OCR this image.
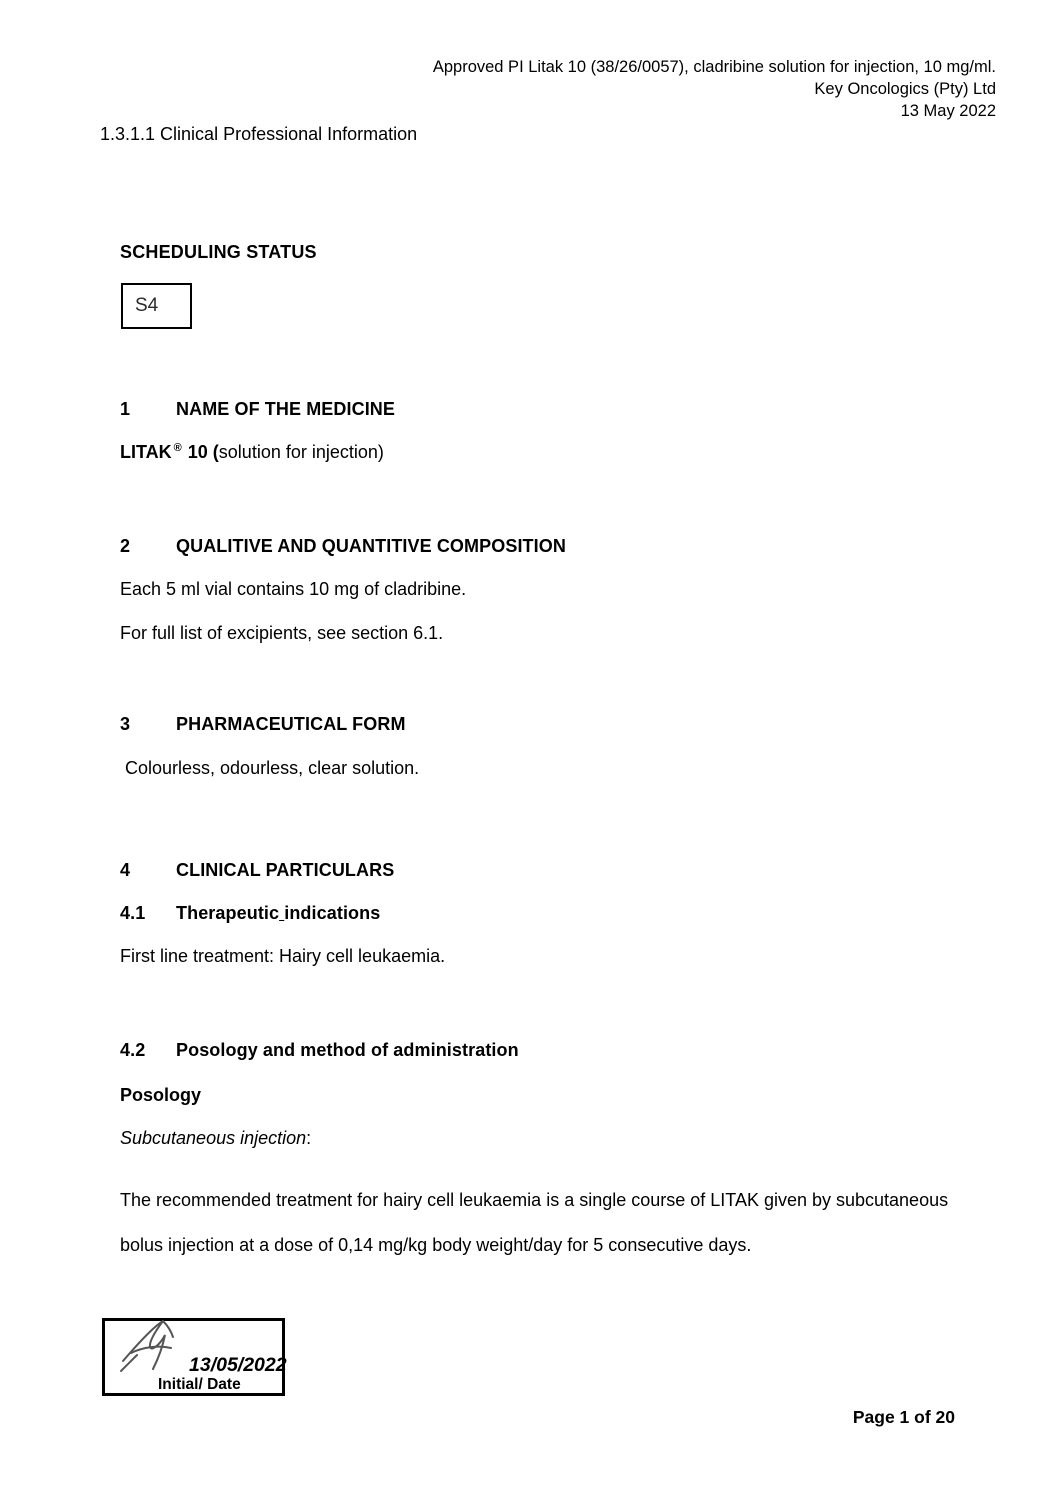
Approved PI Litak 10 (38/26/0057), cladribine solution for injection, 10 mg/ml.
Key Oncologics (Pty) Ltd
13 May 2022
1.3.1.1 Clinical Professional Information
SCHEDULING STATUS
S4
1	NAME OF THE MEDICINE
LITAK ® 10 (solution for injection)
2	QUALITIVE AND QUANTITIVE COMPOSITION
Each 5 ml vial contains 10 mg of cladribine.
For full list of excipients, see section 6.1.
3	PHARMACEUTICAL FORM
Colourless, odourless, clear solution.
4	CLINICAL PARTICULARS
4.1 Therapeutic indications
First line treatment: Hairy cell leukaemia.
4.2 Posology and method of administration
Posology
Subcutaneous injection:
The recommended treatment for hairy cell leukaemia is a single course of LITAK given by subcutaneous bolus injection at a dose of 0,14 mg/kg body weight/day for 5 consecutive days.
13/05/2022
Initial/ Date
Page 1 of 20
